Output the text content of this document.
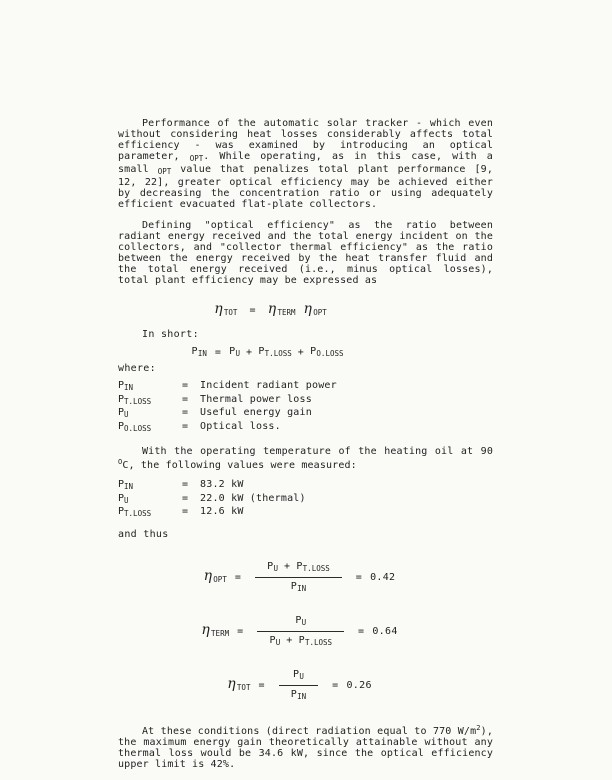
Performance of the automatic solar tracker - which even without considering heat losses considerably affects total efficiency - was examined by introducing an optical parameter, $_{OPT}$. While operating, as in this case, with a small $_{OPT}$ value that penalizes total plant performance [9, 12, 22], greater optical efficiency may be achieved either by decreasing the concentration ratio or using adequately efficient evacuated flat-plate collectors.

Defining "optical efficiency" as the ratio between radiant energy received and the total energy incident on the collectors, and "collector thermal efficiency" as the ratio between the energy received by the heat transfer fluid and the total energy received (i.e., minus optical losses), total plant efficiency may be expressed as

$\eta_{TOT} = \eta_{TERM}$ $\eta_{OPT}$

In short:

$P_{IN} = P_U + P_{T.LOSS} + P_{O.LOSS}$

where:

$P_{IN}$	=	Incident radiant power
$P_{T.LOSS}$	=	Thermal power loss
$P_U$	=	Useful energy gain
$P_{O.LOSS}$	=	Optical loss.

With the operating temperature of the heating oil at 90 $^O$C, the following values were measured:

$P_{IN}$	=	83.2 kW
$P_U$	=	22.0 kW (thermal)
$P_{T.LOSS}$	=	12.6 kW

and thus

$\eta_{OPT} = \frac{P_U + P_{T.LOSS}}{P_{IN}} = 0.42$
$\eta_{TERM} = \frac{P_U}{P_U + P_{T.LOSS}} = 0.64$
$\eta_{TOT} = \frac{P_U}{P_{IN}} = 0.26$

At these conditions (direct radiation equal to 770 $W/m^2$), the maximum energy gain theoretically attainable without any thermal loss would be 34.6 kW, since the optical efficiency upper limit is 42%.
